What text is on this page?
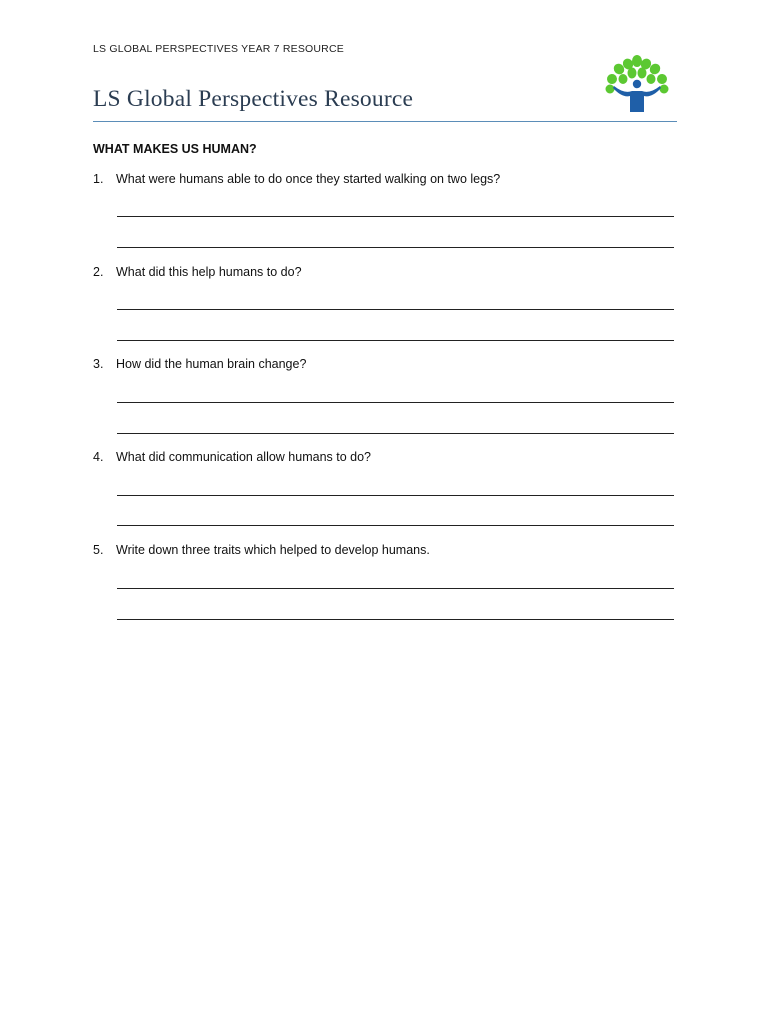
LS GLOBAL PERSPECTIVES YEAR 7 RESOURCE
LS Global Perspectives Resource
WHAT MAKES US HUMAN?
1. What were humans able to do once they started walking on two legs?
2. What did this help humans to do?
3. How did the human brain change?
4. What did communication allow humans to do?
5. Write down three traits which helped to develop humans.
